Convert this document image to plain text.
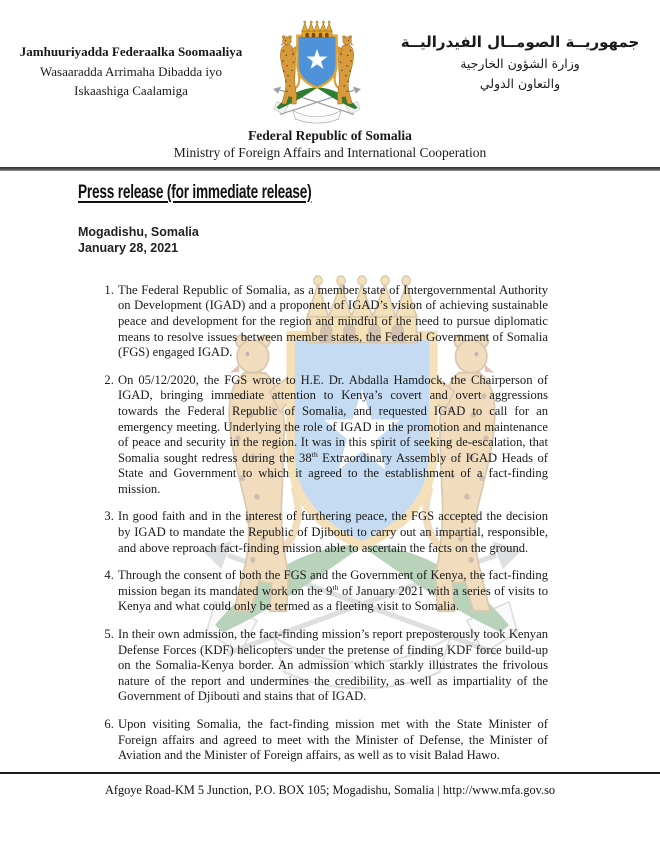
Jamhuuriyadda Federaalka Soomaaliya
Wasaaradda Arrimaha Dibadda iyo
Iskaashiga Caalamiga
جمهوريــة الصومــال الفيدراليــة
وزارة الشؤون الخارجية
والتعاون الدولي
Federal Republic of Somalia
Ministry of Foreign Affairs and International Cooperation
Press release (for immediate release)
Mogadishu, Somalia
January 28, 2021
1. The Federal Republic of Somalia, as a member state of Intergovernmental Authority on Development (IGAD) and a proponent of IGAD’s vision of achieving sustainable peace and development for the region and mindful of the need to pursue diplomatic means to resolve issues between member states, the Federal Government of Somalia (FGS) engaged IGAD.
2. On 05/12/2020, the FGS wrote to H.E. Dr. Abdalla Hamdock, the Chairperson of IGAD, bringing immediate attention to Kenya’s covert and overt aggressions towards the Federal Republic of Somalia, and requested IGAD to call for an emergency meeting. Underlying the role of IGAD in the promotion and maintenance of peace and security in the region. It was in this spirit of seeking de-escalation, that Somalia sought redress during the 38th Extraordinary Assembly of IGAD Heads of State and Government to which it agreed to the establishment of a fact-finding mission.
3. In good faith and in the interest of furthering peace, the FGS accepted the decision by IGAD to mandate the Republic of Djibouti to carry out an impartial, responsible, and above reproach fact-finding mission able to ascertain the facts on the ground.
4. Through the consent of both the FGS and the Government of Kenya, the fact-finding mission began its mandated work on the 9th of January 2021 with a series of visits to Kenya and what could only be termed as a fleeting visit to Somalia.
5. In their own admission, the fact-finding mission’s report preposterously took Kenyan Defense Forces (KDF) helicopters under the pretense of finding KDF force build-up on the Somalia-Kenya border. An admission which starkly illustrates the frivolous nature of the report and undermines the credibility, as well as impartiality of the Government of Djibouti and stains that of IGAD.
6. Upon visiting Somalia, the fact-finding mission met with the State Minister of Foreign affairs and agreed to meet with the Minister of Defense, the Minister of Aviation and the Minister of Foreign affairs, as well as to visit Balad Hawo.
Afgoye Road-KM 5 Junction, P.O. BOX 105; Mogadishu, Somalia | http://www.mfa.gov.so
